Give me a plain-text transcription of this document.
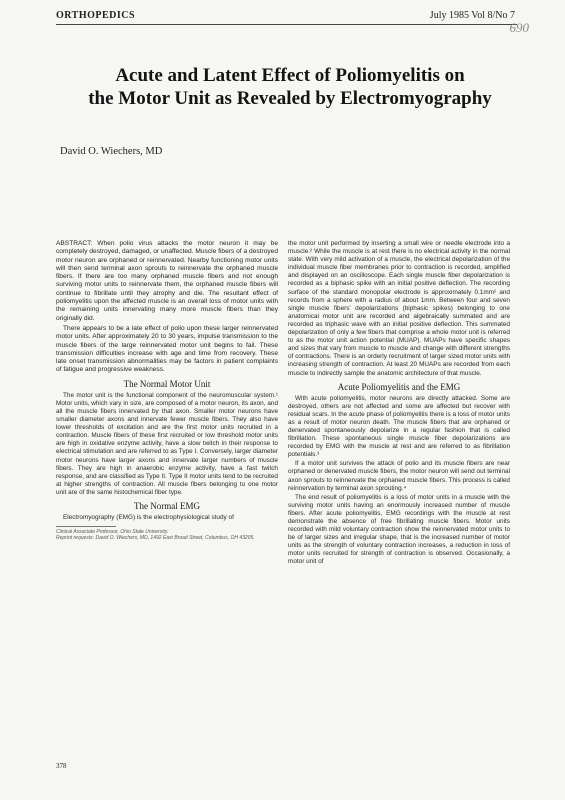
ORTHOPEDICS	July 1985 Vol 8/No 7
690
Acute and Latent Effect of Poliomyelitis on
the Motor Unit as Revealed by Electromyography
David O. Wiechers, MD

ABSTRACT: When polio virus attacks the motor neuron it may be completely destroyed, damaged, or unaffected. Muscle fibers of a destroyed motor neuron are orphaned or reinnervated. Nearby functioning motor units will then send terminal axon sprouts to reinnervate the orphaned muscle fibers. If there are too many orphaned muscle fibers and not enough surviving motor units to reinnervate them, the orphaned muscle fibers will continue to fibrillate until they atrophy and die. The resultant effect of poliomyelitis upon the affected muscle is an overall loss of motor units with the remaining units innervating many more muscle fibers than they originally did.

There appears to be a late effect of polio upon these larger reinnervated motor units. After approximately 20 to 30 years, impulse transmission to the muscle fibers of the large reinnervated motor unit begins to fail. These transmission difficulties increase with age and time from recovery. These late onset transmission abnormalities may be factors in patient complaints of fatigue and progressive weakness.

The Normal Motor Unit

The motor unit is the functional component of the neuromuscular system.¹ Motor units, which vary in size, are composed of a motor neuron, its axon, and all the muscle fibers innervated by that axon. Smaller motor neurons have smaller diameter axons and innervate fewer muscle fibers. They also have lower thresholds of excitation and are the first motor units recruited in a contraction. Muscle fibers of these first recruited or low threshold motor units are high in oxidative enzyme activity, have a slow twitch in their response to electrical stimulation and are referred to as Type I. Conversely, larger diameter motor neurons have larger axons and innervate larger numbers of muscle fibers. They are high in anaerobic enzyme activity, have a fast twitch response, and are classified as Type II. Type II motor units tend to be recruited at higher strengths of contraction. All muscle fibers belonging to one motor unit are of the same histochemical fiber type.

The Normal EMG

Electromyography (EMG) is the electrophysiological study of

Clinical Associate Professor, Ohio State University.
Reprint requests: David O. Wiechers, MD, 1492 East Broad Street, Columbus, OH 43205.
378

the motor unit performed by inserting a small wire or needle electrode into a muscle.² While the muscle is at rest there is no electrical activity in the normal state. With very mild activation of a muscle, the electrical depolarization of the individual muscle fiber membranes prior to contraction is recorded, amplified and displayed on an oscilloscope. Each single muscle fiber depolarization is recorded as a biphasic spike with an initial positive deflection. The recording surface of the standard monopolar electrode is approximately 0.1mm² and records from a sphere with a radius of about 1mm. Between four and seven single muscle fibers' depolarizations (biphasic spikes) belonging to one anatomical motor unit are recorded and algebraically summated and are recorded as triphasic wave with an initial positive deflection. This summated depolarization of only a few fibers that comprise a whole motor unit is referred to as the motor unit action potential (MUAP). MUAPs have specific shapes and sizes that vary from muscle to muscle and change with different strengths of contractions. There is an orderly recruitment of larger sized motor units with increasing strength of contraction. At least 20 MUAPs are recorded from each muscle to indirectly sample the anatomic architecture of that muscle.

Acute Poliomyelitis and the EMG

With acute poliomyelitis, motor neurons are directly attacked. Some are destroyed, others are not affected and some are affected but recover with residual scars. In the acute phase of poliomyelitis there is a loss of motor units as a result of motor neuron death. The muscle fibers that are orphaned or denervated spontaneously depolarize in a regular fashion that is called fibrillation. These spontaneous single muscle fiber depolarizations are recorded by EMG with the muscle at rest and are referred to as fibrillation potentials.³

If a motor unit survives the attack of polio and its muscle fibers are near orphaned or denervated muscle fibers, the motor neuron will send out terminal axon sprouts to reinnervate the orphaned muscle fibers. This process is called reinnervation by terminal axon sprouting.⁴

The end result of poliomyelitis is a loss of motor units in a muscle with the surviving motor units having an enormously increased number of muscle fibers. After acute poliomyelitis, EMG recordings with the muscle at rest demonstrate the absence of free fibrillating muscle fibers. Motor units recorded with mild voluntary contraction show the reinnervated motor units to be of larger sizes and irregular shape, that is the increased number of motor units as the strength of voluntary contraction increases, a reduction in loss of motor units recruited for strength of contraction is observed. Occasionally, a motor unit of
